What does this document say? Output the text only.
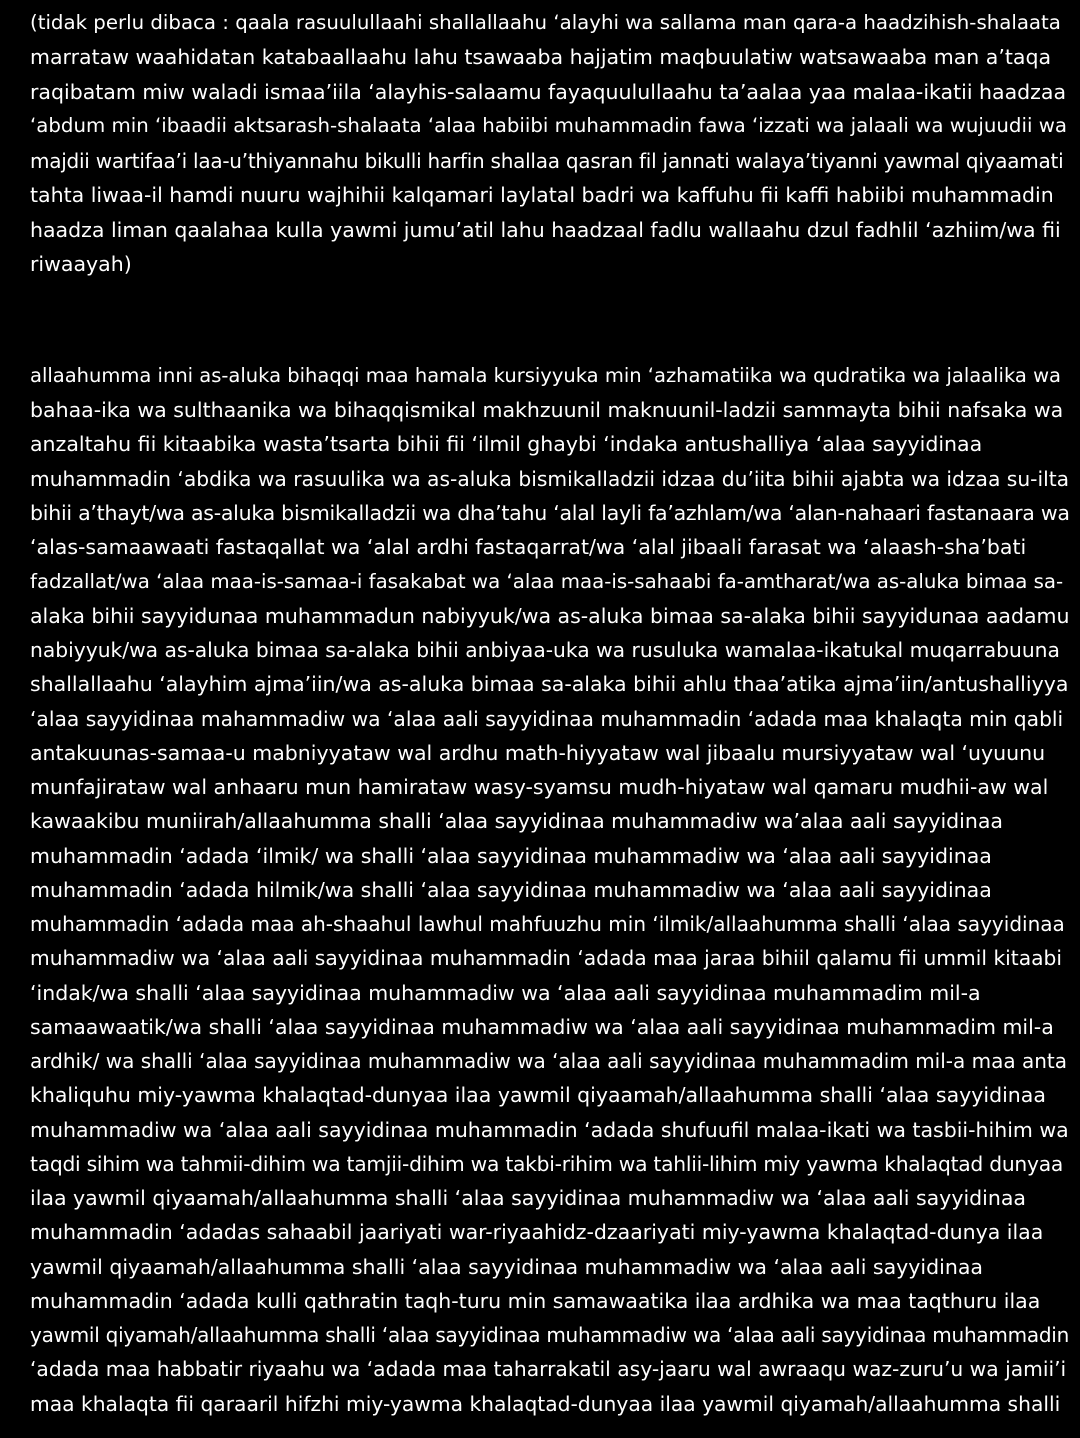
(tidak perlu dibaca : qaala rasuulullaahi shallallaahu ‘alayhi wa sallama man qara-a haadzihish-shalaata

marrataw waahidatan katabaallaahu lahu tsawaaba hajjatim maqbuulatiw watsawaaba man a’taqa

raqibatam miw waladi ismaa’iila ‘alayhis-salaamu fayaquulullaahu ta’aalaa yaa malaa-ikatii haadzaa

‘abdum min ‘ibaadii aktsarash-shalaata ‘alaa habiibi muhammadin fawa ‘izzati wa jalaali wa wujuudii wa

majdii wartifaa’i laa-u’thiyannahu bikulli harfin shallaa qasran fil jannati walaya’tiyanni yawmal qiyaamati

tahta liwaa-il hamdi nuuru wajhihii kalqamari laylatal badri wa kaffuhu fii kaffi habiibi muhammadin

haadza liman qaalahaa kulla yawmi jumu’atil lahu haadzaal fadlu wallaahu dzul fadhlil ‘azhiim/wa fii

riwaayah)

allaahumma inni as-aluka bihaqqi maa hamala kursiyyuka min ‘azhamatiika wa qudratika wa jalaalika wa

bahaa-ika wa sulthaanika wa bihaqqismikal makhzuunil maknuunil-ladzii sammayta bihii nafsaka wa

anzaltahu fii kitaabika wasta’tsarta bihii fii ‘ilmil ghaybi ‘indaka antushalliya ‘alaa sayyidinaa

muhammadin ‘abdika wa rasuulika wa as-aluka bismikalladzii idzaa du’iita bihii ajabta wa idzaa su-ilta

bihii a’thayt/wa as-aluka bismikalladzii wa dha’tahu ‘alal layli fa’azhlam/wa ‘alan-nahaari fastanaara wa

‘alas-samaawaati fastaqallat wa ‘alal ardhi fastaqarrat/wa ‘alal jibaali farasat wa ‘alaash-sha’bati

fadzallat/wa ‘alaa maa-is-samaa-i fasakabat wa ‘alaa maa-is-sahaabi fa-amtharat/wa as-aluka bimaa sa-

alaka bihii sayyidunaa muhammadun nabiyyuk/wa as-aluka bimaa sa-alaka bihii sayyidunaa aadamu

nabiyyuk/wa as-aluka bimaa sa-alaka bihii anbiyaa-uka wa rusuluka wamalaa-ikatukal muqarrabuuna

shallallaahu ‘alayhim ajma’iin/wa as-aluka bimaa sa-alaka bihii ahlu thaa’atika ajma’iin/antushalliyya

‘alaa sayyidinaa mahammadiw wa ‘alaa aali sayyidinaa muhammadin ‘adada maa khalaqta min qabli

antakuunas-samaa-u mabniyyataw wal ardhu math-hiyyataw wal jibaalu mursiyyataw wal ‘uyuunu

munfajirataw wal anhaaru mun hamirataw wasy-syamsu mudh-hiyataw wal qamaru mudhii-aw wal

kawaakibu muniirah/allaahumma shalli ‘alaa sayyidinaa muhammadiw wa’alaa aali sayyidinaa

muhammadin ‘adada ‘ilmik/ wa shalli ‘alaa sayyidinaa muhammadiw wa ‘alaa aali sayyidinaa

muhammadin ‘adada hilmik/wa shalli ‘alaa sayyidinaa muhammadiw wa ‘alaa aali sayyidinaa

muhammadin ‘adada maa ah-shaahul lawhul mahfuuzhu min ‘ilmik/allaahumma shalli ‘alaa sayyidinaa

muhammadiw wa ‘alaa aali sayyidinaa muhammadin ‘adada maa jaraa bihiil qalamu fii ummil kitaabi

‘indak/wa shalli ‘alaa sayyidinaa muhammadiw wa ‘alaa aali sayyidinaa muhammadim mil-a

samaawaatik/wa shalli ‘alaa sayyidinaa muhammadiw wa ‘alaa aali sayyidinaa muhammadim mil-a

ardhik/ wa shalli ‘alaa sayyidinaa muhammadiw wa ‘alaa aali sayyidinaa muhammadim mil-a maa anta

khaliquhu miy-yawma khalaqtad-dunyaa ilaa yawmil qiyaamah/allaahumma shalli ‘alaa sayyidinaa

muhammadiw wa ‘alaa aali sayyidinaa muhammadin ‘adada shufuufil malaa-ikati wa tasbii-hihim wa

taqdi sihim wa tahmii-dihim wa tamjii-dihim wa takbi-rihim wa tahlii-lihim miy yawma khalaqtad dunyaa

ilaa yawmil qiyaamah/allaahumma shalli ‘alaa sayyidinaa muhammadiw wa ‘alaa aali sayyidinaa

muhammadin ‘adadas sahaabil jaariyati war-riyaahidz-dzaariyati miy-yawma khalaqtad-dunya ilaa

yawmil qiyaamah/allaahumma shalli ‘alaa sayyidinaa muhammadiw wa ‘alaa aali sayyidinaa

muhammadin ‘adada kulli qathratin taqh-turu min samawaatika ilaa ardhika wa maa taqthuru ilaa

yawmil qiyamah/allaahumma shalli ‘alaa sayyidinaa muhammadiw wa ‘alaa aali sayyidinaa muhammadin

‘adada maa habbatir riyaahu wa ‘adada maa taharrakatil asy-jaaru wal awraaqu waz-zuru’u wa jamii’i

maa khalaqta fii qaraaril hifzhi miy-yawma khalaqtad-dunyaa ilaa yawmil qiyamah/allaahumma shalli
